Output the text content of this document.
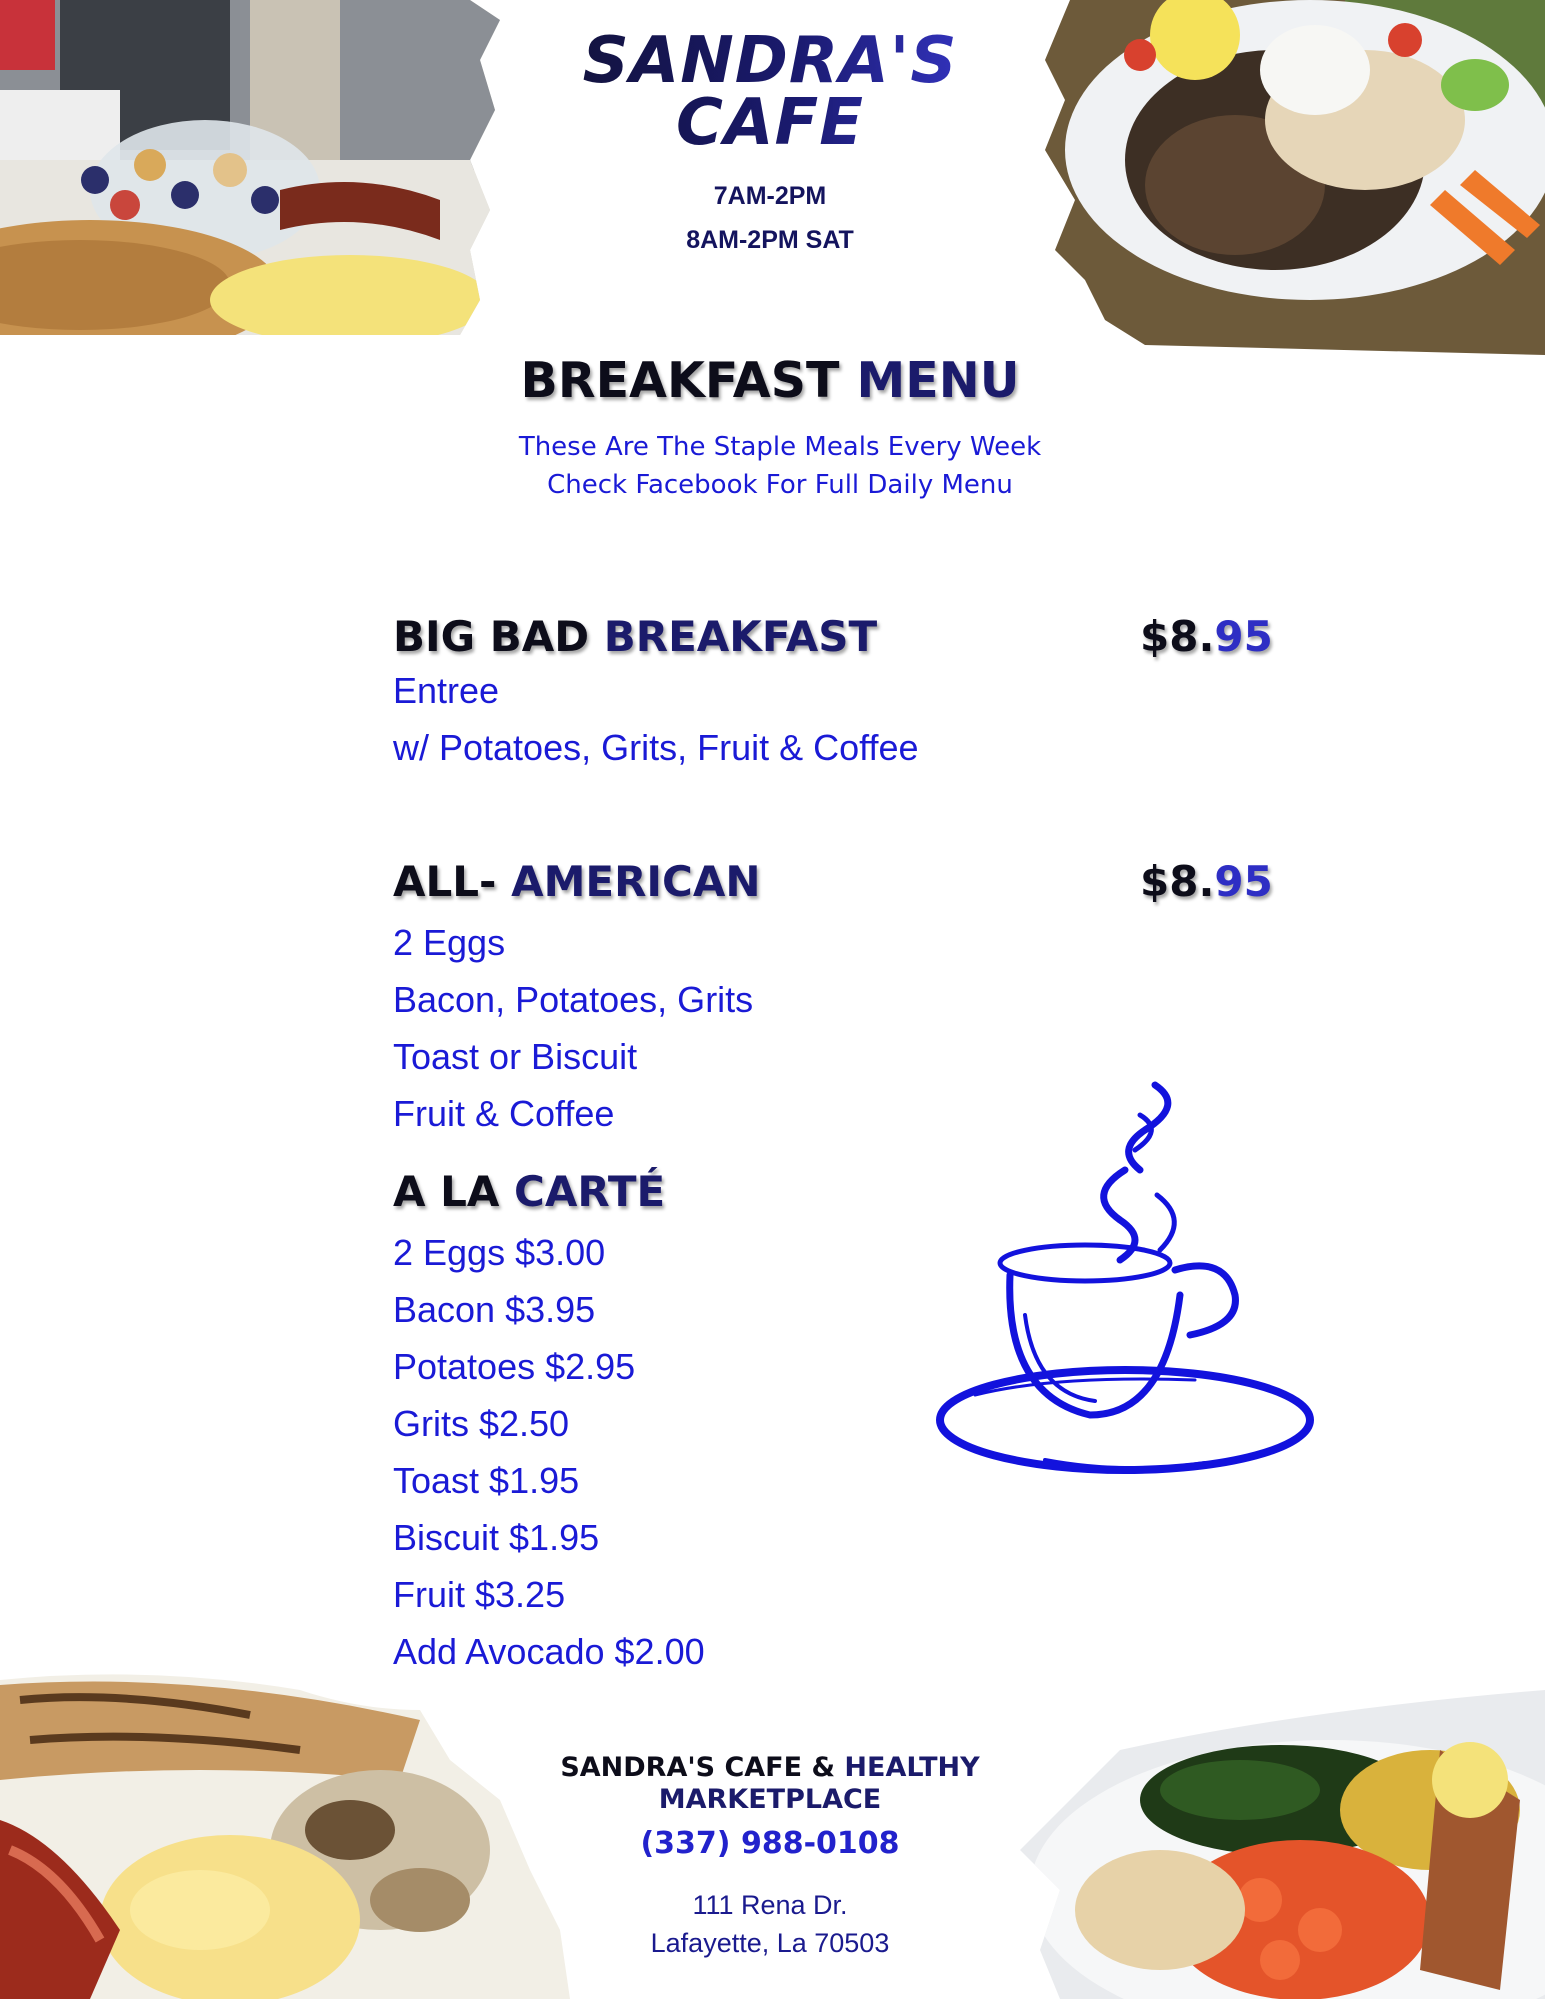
SANDRA'S
CAFE
7AM-2PM
8AM-2PM SAT
BREAKFAST MENU
These Are The Staple Meals Every Week
Check Facebook For Full Daily Menu
BIG BAD BREAKFAST	$8.95
Entree
w/ Potatoes, Grits, Fruit & Coffee
ALL- AMERICAN	$8.95
2 Eggs
Bacon, Potatoes, Grits
Toast or Biscuit
Fruit & Coffee
A LA CARTÉ
2 Eggs $3.00
Bacon $3.95
Potatoes $2.95
Grits $2.50
Toast $1.95
Biscuit $1.95
Fruit $3.25
Add Avocado $2.00
SANDRA'S CAFE & HEALTHY
MARKETPLACE
(337) 988-0108
111 Rena Dr.
Lafayette, La 70503
